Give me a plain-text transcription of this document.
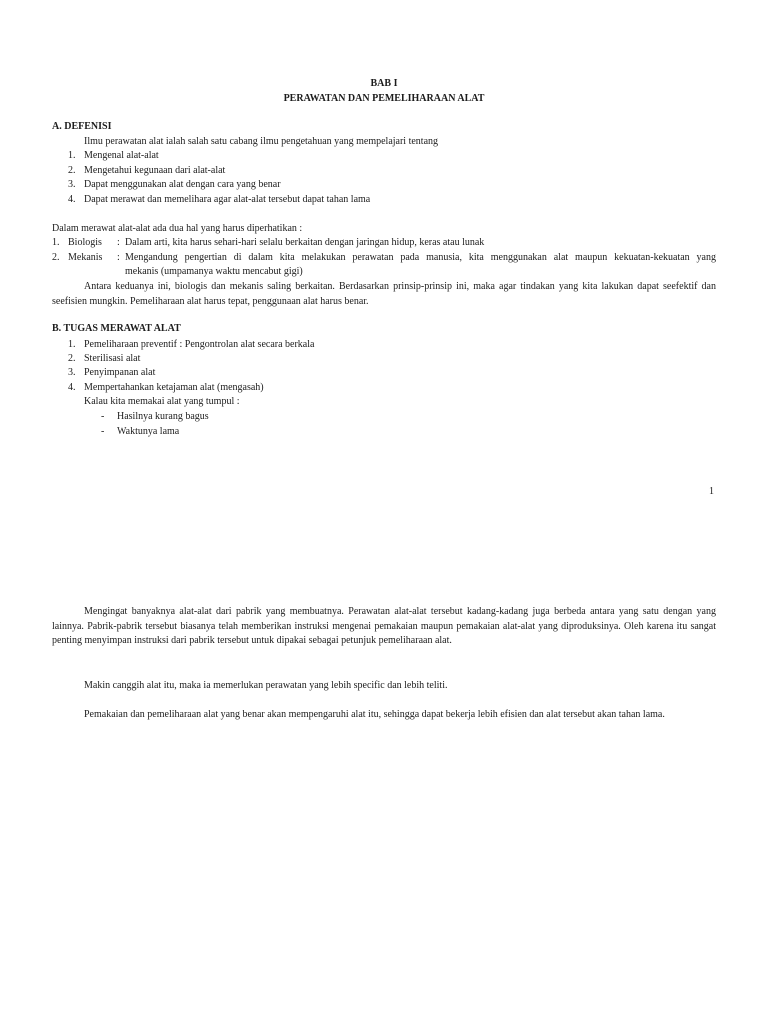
BAB I
PERAWATAN DAN PEMELIHARAAN ALAT
A. DEFENISI
Ilmu perawatan alat ialah salah satu cabang ilmu pengetahuan yang mempelajari tentang
1. Mengenal alat-alat
2. Mengetahui kegunaan dari alat-alat
3. Dapat menggunakan alat dengan cara yang benar
4. Dapat merawat dan memelihara agar alat-alat tersebut dapat tahan lama
Dalam merawat alat-alat ada dua hal yang harus diperhatikan :
1. Biologis : Dalam arti, kita harus sehari-hari selalu berkaitan dengan jaringan hidup, keras atau lunak
2. Mekanis : Mengandung pengertian di dalam kita melakukan perawatan pada manusia, kita menggunakan alat maupun kekuatan-kekuatan yang
mekanis (umpamanya waktu mencabut gigi)
Antara keduanya ini, biologis dan mekanis saling berkaitan. Berdasarkan prinsip-prinsip ini, maka agar tindakan yang kita lakukan dapat seefektif dan seefisien mungkin. Pemeliharaan alat harus tepat, penggunaan alat harus benar.
B. TUGAS MERAWAT ALAT
1. Pemeliharaan preventif : Pengontrolan alat secara berkala
2. Sterilisasi alat
3. Penyimpanan alat
4. Mempertahankan ketajaman alat (mengasah)
Kalau kita memakai alat yang tumpul :
- Hasilnya kurang bagus
- Waktunya lama
1
Mengingat banyaknya alat-alat dari pabrik yang membuatnya. Perawatan alat-alat tersebut kadang-kadang juga berbeda antara yang satu dengan yang lainnya. Pabrik-pabrik tersebut biasanya telah memberikan instruksi mengenai pemakaian maupun pemakaian alat-alat yang diproduksinya. Oleh karena itu sangat penting menyimpan instruksi dari pabrik tersebut untuk dipakai sebagai petunjuk pemeliharaan alat.
Makin canggih alat itu, maka ia memerlukan perawatan yang lebih specific dan lebih teliti.
Pemakaian dan pemeliharaan alat yang benar akan mempengaruhi alat itu, sehingga dapat bekerja lebih efisien dan alat tersebut akan tahan lama.
